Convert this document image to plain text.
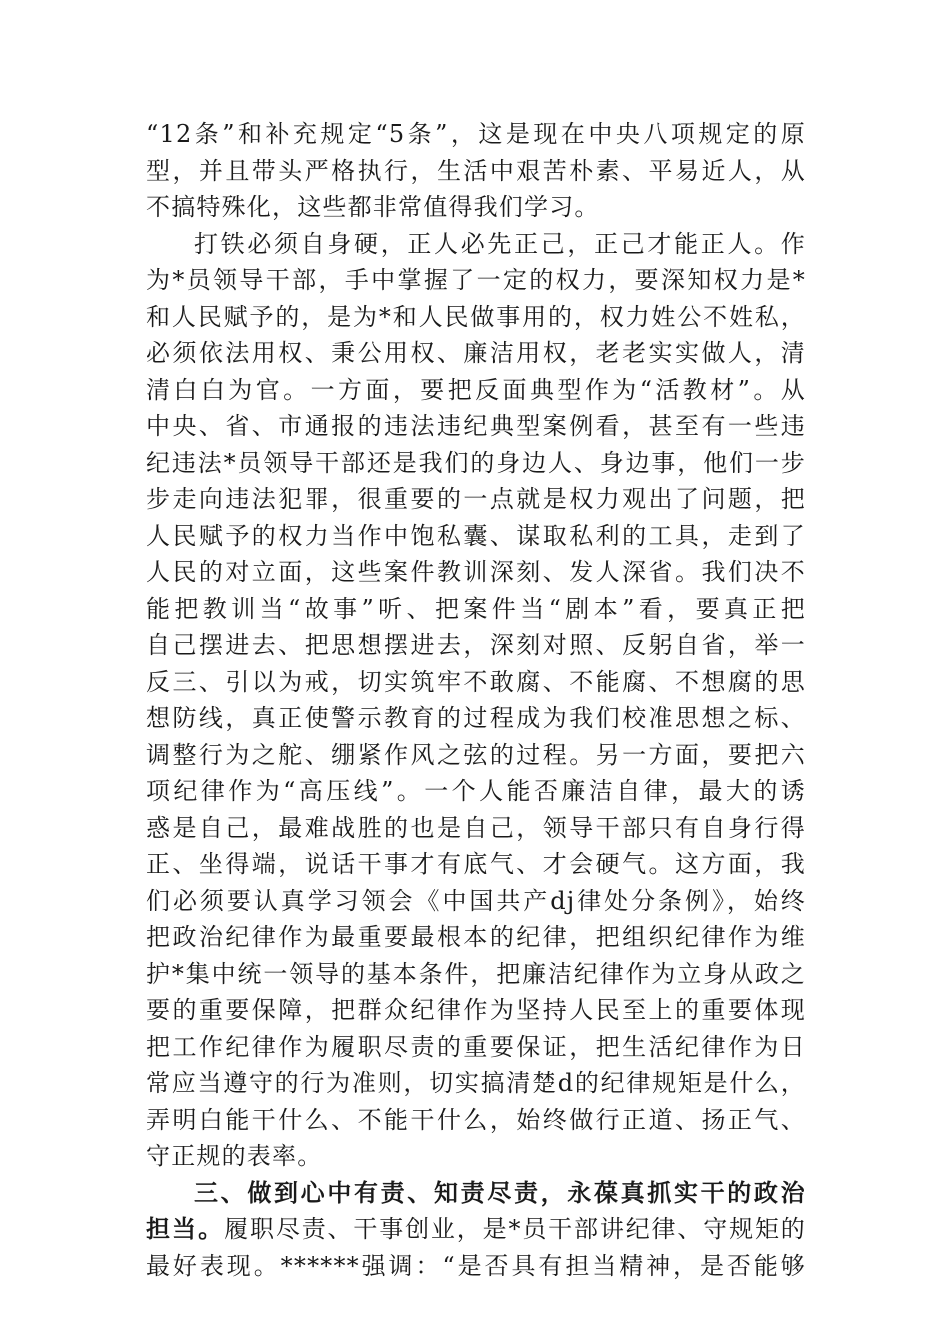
“12条”和补充规定“5条”，这是现在中央八项规定的原
型，并且带头严格执行，生活中艰苦朴素、平易近人，从
不搞特殊化，这些都非常值得我们学习。
打铁必须自身硬，正人必先正己，正己才能正人。作
为*员领导干部，手中掌握了一定的权力，要深知权力是*
和人民赋予的，是为*和人民做事用的，权力姓公不姓私，
必须依法用权、秉公用权、廉洁用权，老老实实做人，清
清白白为官。一方面，要把反面典型作为“活教材”。从
中央、省、市通报的违法违纪典型案例看，甚至有一些违
纪违法*员领导干部还是我们的身边人、身边事，他们一步
步走向违法犯罪，很重要的一点就是权力观出了问题，把
人民赋予的权力当作中饱私囊、谋取私利的工具，走到了
人民的对立面，这些案件教训深刻、发人深省。我们决不
能把教训当“故事”听、把案件当“剧本”看，要真正把
自己摆进去、把思想摆进去，深刻对照、反躬自省，举一
反三、引以为戒，切实筑牢不敢腐、不能腐、不想腐的思
想防线，真正使警示教育的过程成为我们校准思想之标、
调整行为之舵、绷紧作风之弦的过程。另一方面，要把六
项纪律作为“高压线”。一个人能否廉洁自律，最大的诱
惑是自己，最难战胜的也是自己，领导干部只有自身行得
正、坐得端，说话干事才有底气、才会硬气。这方面，我
们必须要认真学习领会《中国共产dj律处分条例》，始终
把政治纪律作为最重要最根本的纪律，把组织纪律作为维
护*集中统一领导的基本条件，把廉洁纪律作为立身从政之
要的重要保障，把群众纪律作为坚持人民至上的重要体现
把工作纪律作为履职尽责的重要保证，把生活纪律作为日
常应当遵守的行为准则，切实搞清楚d的纪律规矩是什么，
弄明白能干什么、不能干什么，始终做行正道、扬正气、
守正规的表率。
三、做到心中有责、知责尽责，永葆真抓实干的政治
担当。履职尽责、干事创业，是*员干部讲纪律、守规矩的
最好表现。******强调：“是否具有担当精神，是否能够
